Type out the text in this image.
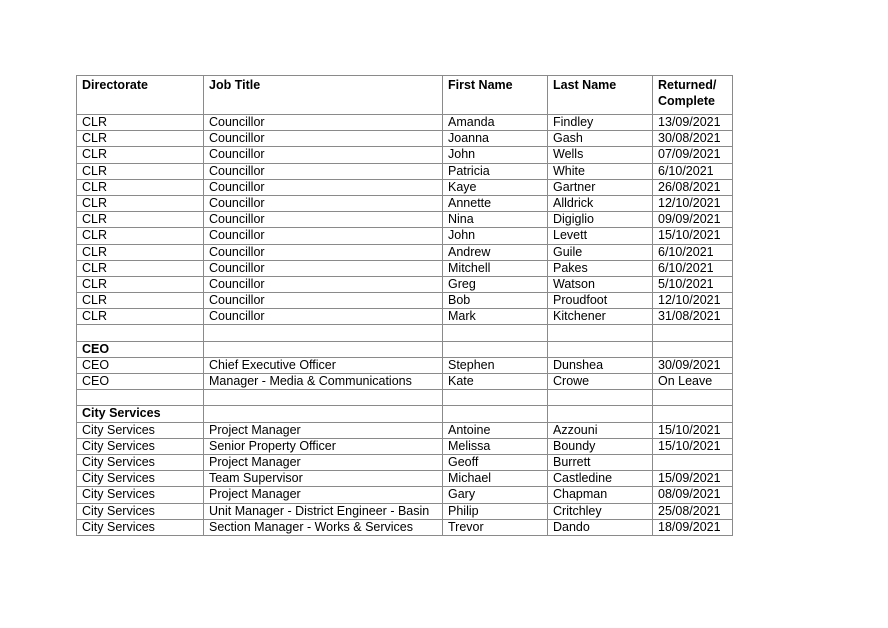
Directorate	Job Title	First Name	Last Name	Returned/ Complete
CLR	Councillor	Amanda	Findley	13/09/2021
CLR	Councillor	Joanna	Gash	30/08/2021
CLR	Councillor	John	Wells	07/09/2021
CLR	Councillor	Patricia	White	6/10/2021
CLR	Councillor	Kaye	Gartner	26/08/2021
CLR	Councillor	Annette	Alldrick	12/10/2021
CLR	Councillor	Nina	Digiglio	09/09/2021
CLR	Councillor	John	Levett	15/10/2021
CLR	Councillor	Andrew	Guile	6/10/2021
CLR	Councillor	Mitchell	Pakes	6/10/2021
CLR	Councillor	Greg	Watson	5/10/2021
CLR	Councillor	Bob	Proudfoot	12/10/2021
CLR	Councillor	Mark	Kitchener	31/08/2021

CEO				
CEO	Chief Executive Officer	Stephen	Dunshea	30/09/2021
CEO	Manager - Media & Communications	Kate	Crowe	On Leave

City Services				
City Services	Project Manager	Antoine	Azzouni	15/10/2021
City Services	Senior Property Officer	Melissa	Boundy	15/10/2021
City Services	Project Manager	Geoff	Burrett	
City Services	Team Supervisor	Michael	Castledine	15/09/2021
City Services	Project Manager	Gary	Chapman	08/09/2021
City Services	Unit Manager - District Engineer - Basin	Philip	Critchley	25/08/2021
City Services	Section Manager - Works & Services	Trevor	Dando	18/09/2021
